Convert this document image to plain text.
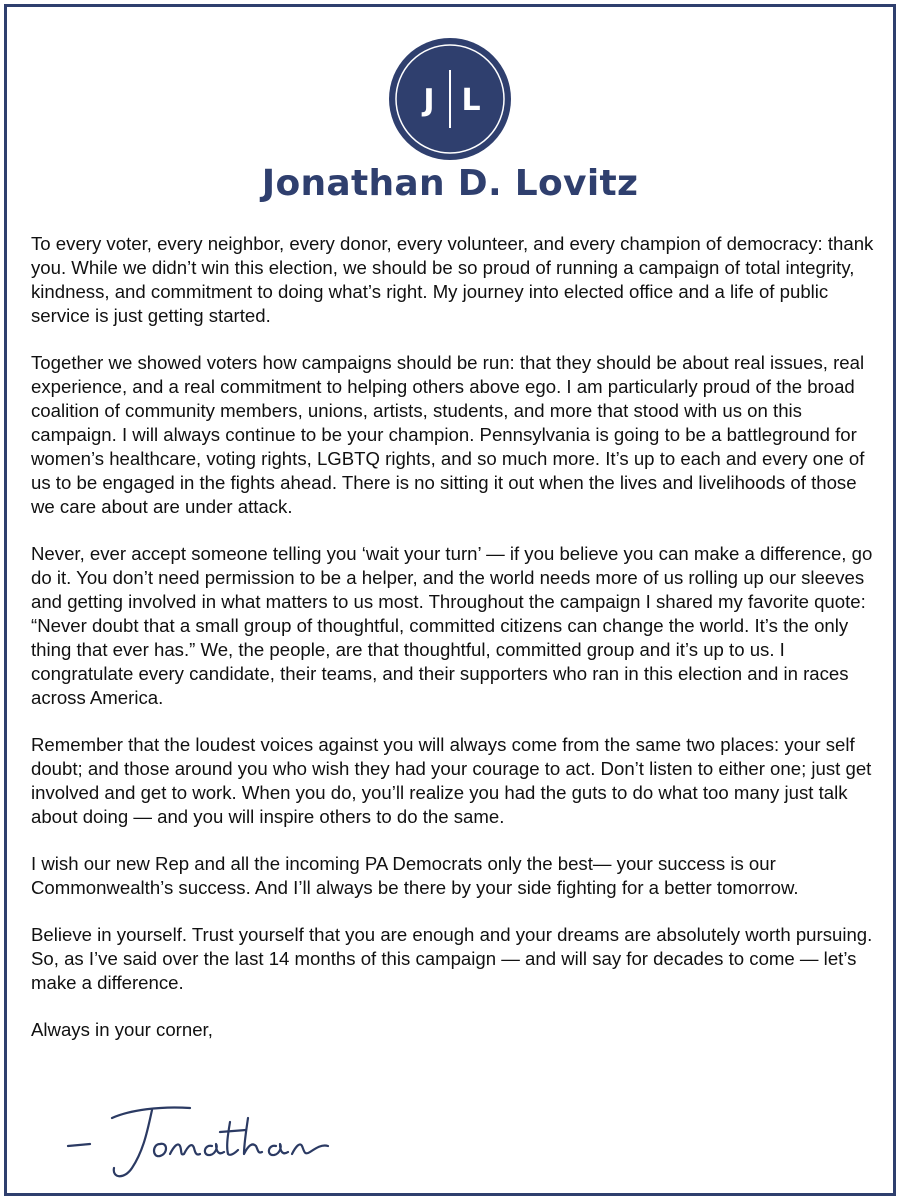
J L
Jonathan D. Lovitz

To every voter, every neighbor, every donor, every volunteer, and every champion of democracy: thank you. While we didn’t win this election, we should be so proud of running a campaign of total integrity, kindness, and commitment to doing what’s right. My journey into elected office and a life of public service is just getting started.

Together we showed voters how campaigns should be run: that they should be about real issues, real experience, and a real commitment to helping others above ego. I am particularly proud of the broad coalition of community members, unions, artists, students, and more that stood with us on this campaign. I will always continue to be your champion. Pennsylvania is going to be a battleground for women’s healthcare, voting rights, LGBTQ rights, and so much more. It’s up to each and every one of us to be engaged in the fights ahead. There is no sitting it out when the lives and livelihoods of those we care about are under attack.

Never, ever accept someone telling you ‘wait your turn’ — if you believe you can make a difference, go do it. You don’t need permission to be a helper, and the world needs more of us rolling up our sleeves and getting involved in what matters to us most. Throughout the campaign I shared my favorite quote: “Never doubt that a small group of thoughtful, committed citizens can change the world. It’s the only thing that ever has.” We, the people, are that thoughtful, committed group and it’s up to us. I congratulate every candidate, their teams, and their supporters who ran in this election and in races across America.

Remember that the loudest voices against you will always come from the same two places: your self doubt; and those around you who wish they had your courage to act. Don’t listen to either one; just get involved and get to work. When you do, you’ll realize you had the guts to do what too many just talk about doing — and you will inspire others to do the same.

I wish our new Rep and all the incoming PA Democrats only the best— your success is our Commonwealth’s success. And I’ll always be there by your side fighting for a better tomorrow.

Believe in yourself. Trust yourself that you are enough and your dreams are absolutely worth pursuing. So, as I’ve said over the last 14 months of this campaign — and will say for decades to come — let’s make a difference.

Always in your corner,
